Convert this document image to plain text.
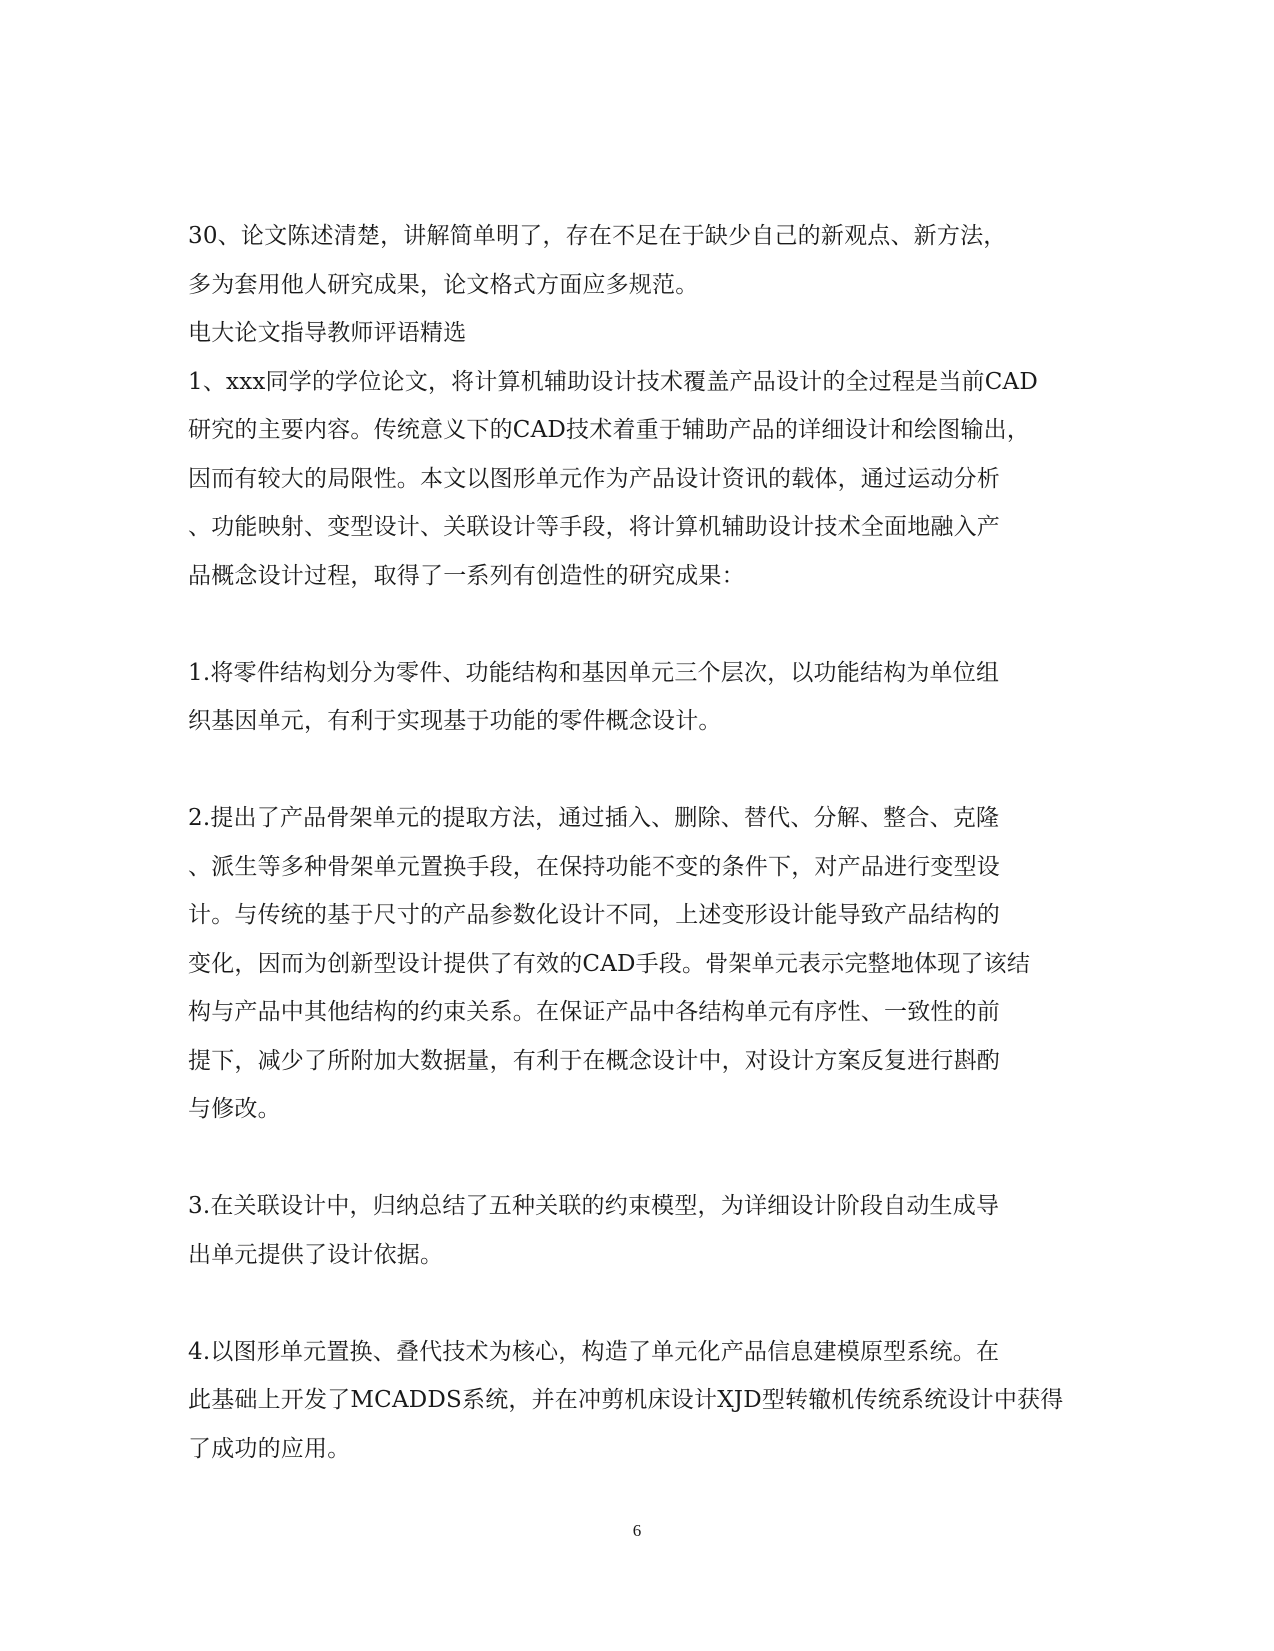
30、论文陈述清楚，讲解简单明了，存在不足在于缺少自己的新观点、新方法，
多为套用他人研究成果，论文格式方面应多规范。
电大论文指导教师评语精选
1、xxx同学的学位论文，将计算机辅助设计技术覆盖产品设计的全过程是当前CAD
研究的主要内容。传统意义下的CAD技术着重于辅助产品的详细设计和绘图输出，
因而有较大的局限性。本文以图形单元作为产品设计资讯的载体，通过运动分析
、功能映射、变型设计、关联设计等手段，将计算机辅助设计技术全面地融入产
品概念设计过程，取得了一系列有创造性的研究成果：
1.将零件结构划分为零件、功能结构和基因单元三个层次，以功能结构为单位组
织基因单元，有利于实现基于功能的零件概念设计。
2.提出了产品骨架单元的提取方法，通过插入、删除、替代、分解、整合、克隆
、派生等多种骨架单元置换手段，在保持功能不变的条件下，对产品进行变型设
计。与传统的基于尺寸的产品参数化设计不同，上述变形设计能导致产品结构的
变化，因而为创新型设计提供了有效的CAD手段。骨架单元表示完整地体现了该结
构与产品中其他结构的约束关系。在保证产品中各结构单元有序性、一致性的前
提下，减少了所附加大数据量，有利于在概念设计中，对设计方案反复进行斟酌
与修改。
3.在关联设计中，归纳总结了五种关联的约束模型，为详细设计阶段自动生成导
出单元提供了设计依据。
4.以图形单元置换、叠代技术为核心，构造了单元化产品信息建模原型系统。在
此基础上开发了MCADDS系统，并在冲剪机床设计XJD型转辙机传统系统设计中获得
了成功的应用。
6
